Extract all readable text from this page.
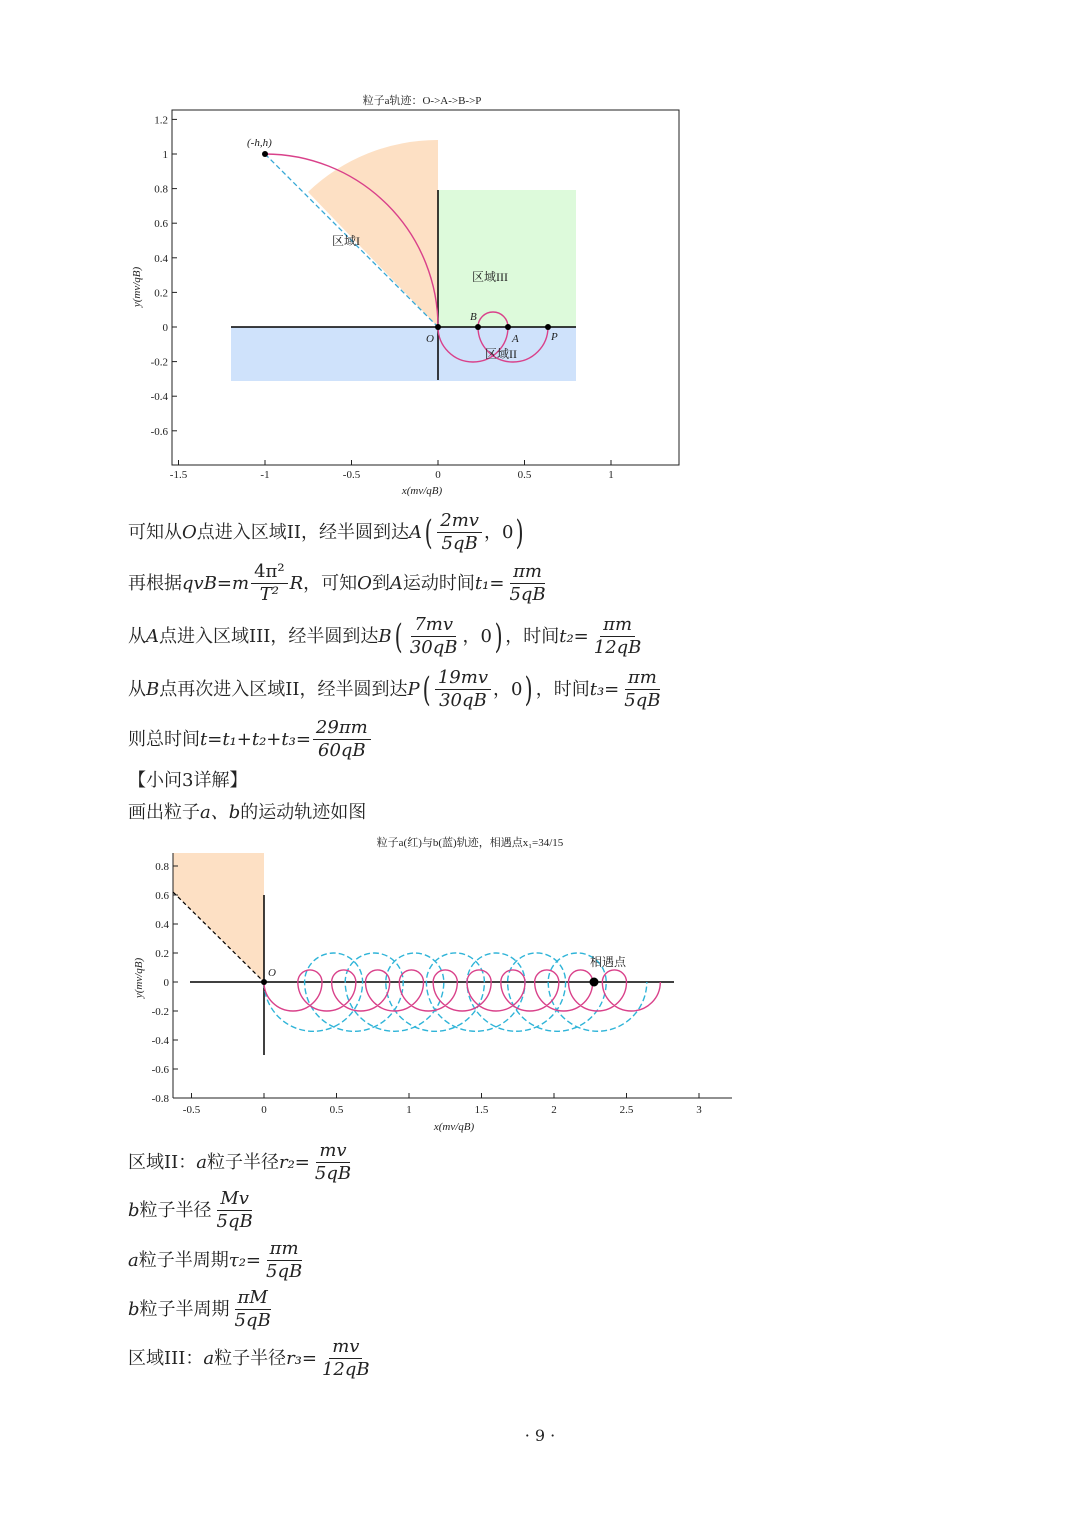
粒子a轨迹：O->A->B->P
(-h,h)
O
B
A	P
区域I
区域II
区域III
1.2
1
0.8
0.6
0.4
0.2
0
-0.2
-0.4
-0.6
-1.5	-1	-0.5	0	0.5	1
x(mv/qB)
y(mv/qB)
可知从 O 点进入区域II，经半圆到达 A ( $\frac{2mv}{5qB}$ ，0 )
再根据 $qvB=m \frac{\text{4π²}}{\text{T²}}$ R ，可知 O 到 A 运动时间 $t_1= \frac{\pi m}{5qB}$
从 A 点进入区域III，经半圆到达 B ( $\frac{7mv}{30qB}$ ，0 ) ，时间 $t_2= \frac{\pi m}{12qB}$
从 B 点再次进入区域II，经半圆到达 P ( $\frac{19mv}{30qB}$ ，0 ) ，时间 $t_3= \frac{\pi m}{5qB}$
则总时间 $t=t_1+t_2+t_3= \frac{29\pi m}{60qB}$
【小问3详解】
画出粒子 a、b 的运动轨迹如图
粒子a(红)与b(蓝)轨迹，相遇点x₁=34/15
O
相遇点
0.8
0.6
0.4
0.2
0
-0.2
-0.4
-0.6
-0.8
-0.5	0	0.5	1	1.5	2	2.5	3
x(mv/qB)
y(mv/qB)
区域II： a 粒子半径 $r_2= \frac{mv}{5qB}$
b 粒子半径 $\frac{Mv}{5qB}$
a 粒子半周期 $\tau_2= \frac{\pi m}{5qB}$
b 粒子半周期 $\frac{\pi M}{5qB}$
区域III： a 粒子半径 $r_3= \frac{mv}{12qB}$
· 9 ·
